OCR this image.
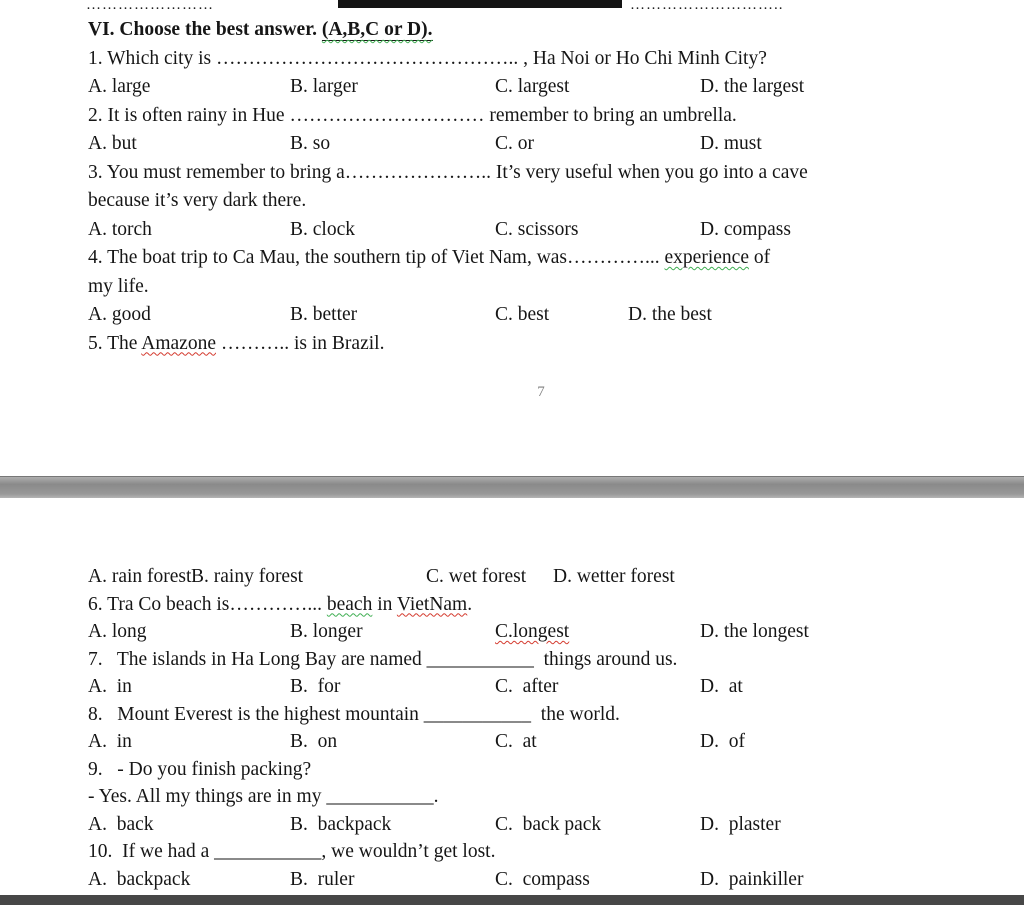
……………………	………………………..
VI. Choose the best answer. (A,B,C or D).
1. Which city is ……………………………………….. , Ha Noi or Ho Chi Minh City?
A. large	B. larger	C. largest	D. the largest
2. It is often rainy in Hue ………………………… remember to bring an umbrella.
A. but	B. so	C. or	D. must
3. You must remember to bring a………………….. It’s very useful when you go into a cave
because it’s very dark there.
A. torch	B. clock	C. scissors	D. compass
4. The boat trip to Ca Mau, the southern tip of Viet Nam, was…………... experience of
my life.
A. good	B. better	C. best	D. the best
5. The Amazone ……….. is in Brazil.
7
A. rain forest B. rainy forest	C. wet forest	D. wetter forest
6. Tra Co beach is…………... beach in VietNam.
A. long	B. longer	C.longest	D. the longest
7.   The islands in Ha Long Bay are named ___________  things around us.
A.  in	B.  for	C.  after	D.  at
8.   Mount Everest is the highest mountain ___________  the world.
A.  in	B.  on	C.  at	D.  of
9.   - Do you finish packing?
- Yes. All my things are in my ___________.
A.  back	B.  backpack	C.  back pack	D.  plaster
10.  If we had a ___________, we wouldn’t get lost.
A.  backpack	B.  ruler	C.  compass	D.  painkiller
